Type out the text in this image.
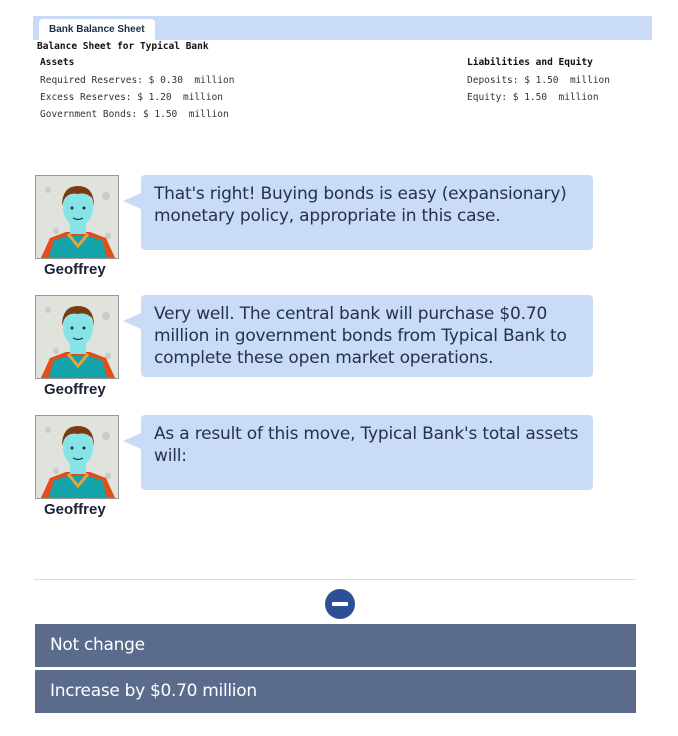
Bank Balance Sheet
Balance Sheet for Typical Bank
Assets
Required Reserves: $ 0.30  million
Excess Reserves: $ 1.20  million
Government Bonds: $ 1.50  million
Liabilities and Equity
Deposits: $ 1.50  million
Equity: $ 1.50  million
Geoffrey
That's right! Buying bonds is easy (expansionary) monetary policy, appropriate in this case.
Geoffrey
Very well. The central bank will purchase $0.70 million in government bonds from Typical Bank to complete these open market operations.
Geoffrey
As a result of this move, Typical Bank's total assets will:
Not change
Increase by $0.70 million
